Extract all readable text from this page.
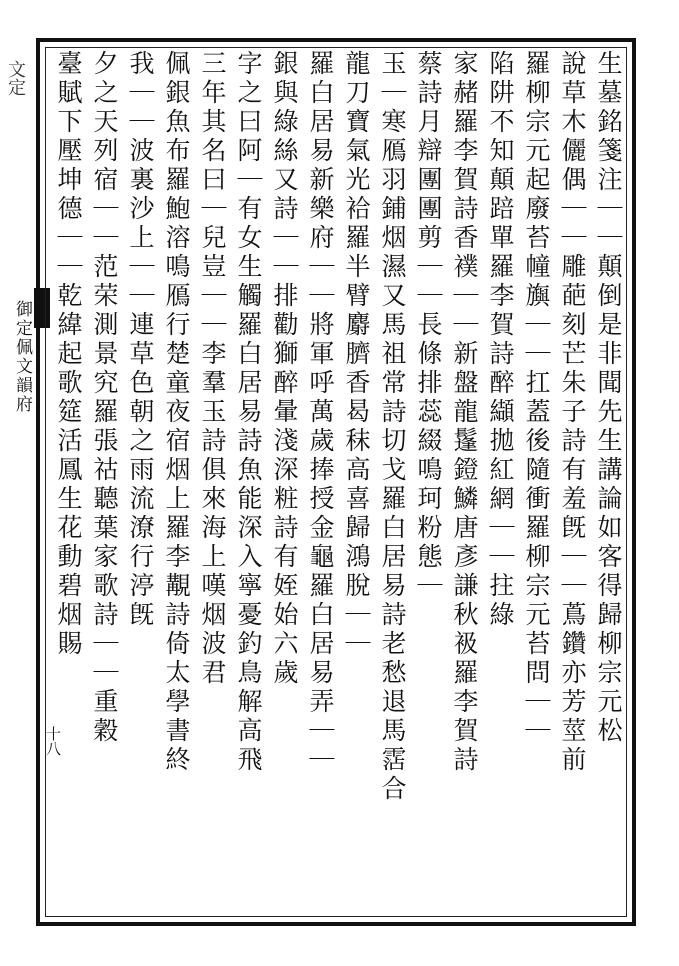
文定
御定佩文韻府
十八	生墓銘箋注｜｜顛倒是非聞先生講論如客得歸柳宗元松
說草木儷偶｜｜雕葩刻芒朱子詩有羞旣｜｜蔦鑽亦芳莖前
羅柳宗元起廢苔幢旟｜｜扛蓋後隨衝羅柳宗元苔問｜｜
陷阱不知顛踣單羅李賀詩醉纈拋紅網｜｜拄綠
家赭羅李賀詩香襆｜｜新盤龍鬔鐙鱗唐彥謙秋衱羅李賀詩
蔡詩月辯團團剪｜｜長條排蕊綴鳴珂粉態｜
玉｜寒鴈羽鋪烟濕又馬祖常詩切戈羅白居易詩老愁退馬霑合
龍刀寶氣光袷羅半臂麝臍香曷秣高喜歸鴻脫｜｜
羅白居易新樂府｜｜將軍呼萬歲捧授金龜羅白居易弄｜｜
銀與綠絲又詩｜｜排勸獅醉暈淺深粧詩有姪始六歲
字之曰阿｜有女生觸羅白居易詩魚能深入寧憂釣鳥解高飛
三年其名曰｜兒豈｜｜李羣玉詩俱來海上嘆烟波君
佩銀魚布羅鮑溶鳴鴈行楚童夜宿烟上羅李覯詩倚太學書終
我｜｜波裏沙上｜｜連草色朝之雨流潦行渟旣
夕之天列宿｜｜范荣測景究羅張祜聽葉家歌詩｜｜重穀
臺賦下壓坤德｜｜乾緯起歌筵活鳳生花動碧烟賜
